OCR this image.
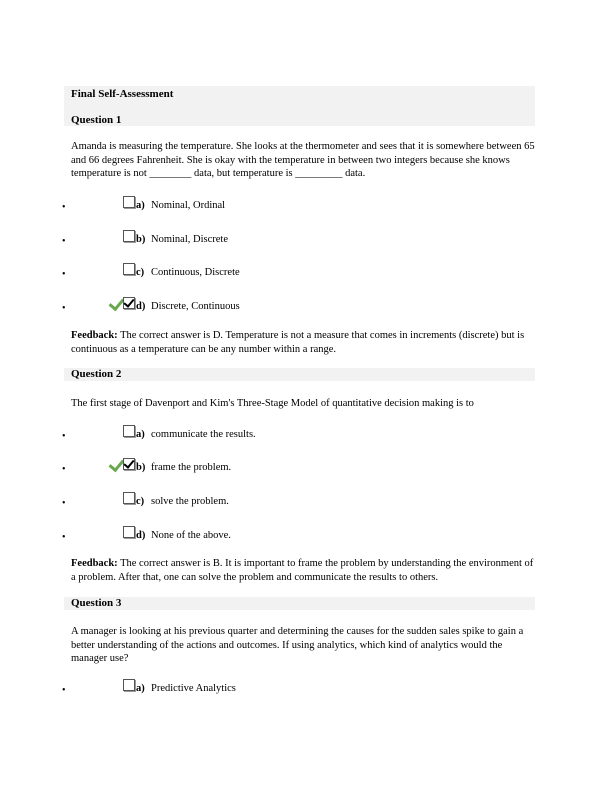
Final Self-Assessment
Question 1
Amanda is measuring the temperature. She looks at the thermometer and sees that it is somewhere between 65 and 66 degrees Fahrenheit. She is okay with the temperature in between two integers because she knows temperature is not ________ data, but temperature is _________ data.
•	a) Nominal, Ordinal
•	b) Nominal, Discrete
•	c) Continuous, Discrete
•	d) Discrete, Continuous
Feedback: The correct answer is D. Temperature is not a measure that comes in increments (discrete) but is continuous as a temperature can be any number within a range.
Question 2
The first stage of Davenport and Kim's Three-Stage Model of quantitative decision making is to
•	a) communicate the results.
•	b) frame the problem.
•	c) solve the problem.
•	d) None of the above.
Feedback: The correct answer is B. It is important to frame the problem by understanding the environment of a problem. After that, one can solve the problem and communicate the results to others.
Question 3
A manager is looking at his previous quarter and determining the causes for the sudden sales spike to gain a better understanding of the actions and outcomes. If using analytics, which kind of analytics would the manager use?
•	a) Predictive Analytics
